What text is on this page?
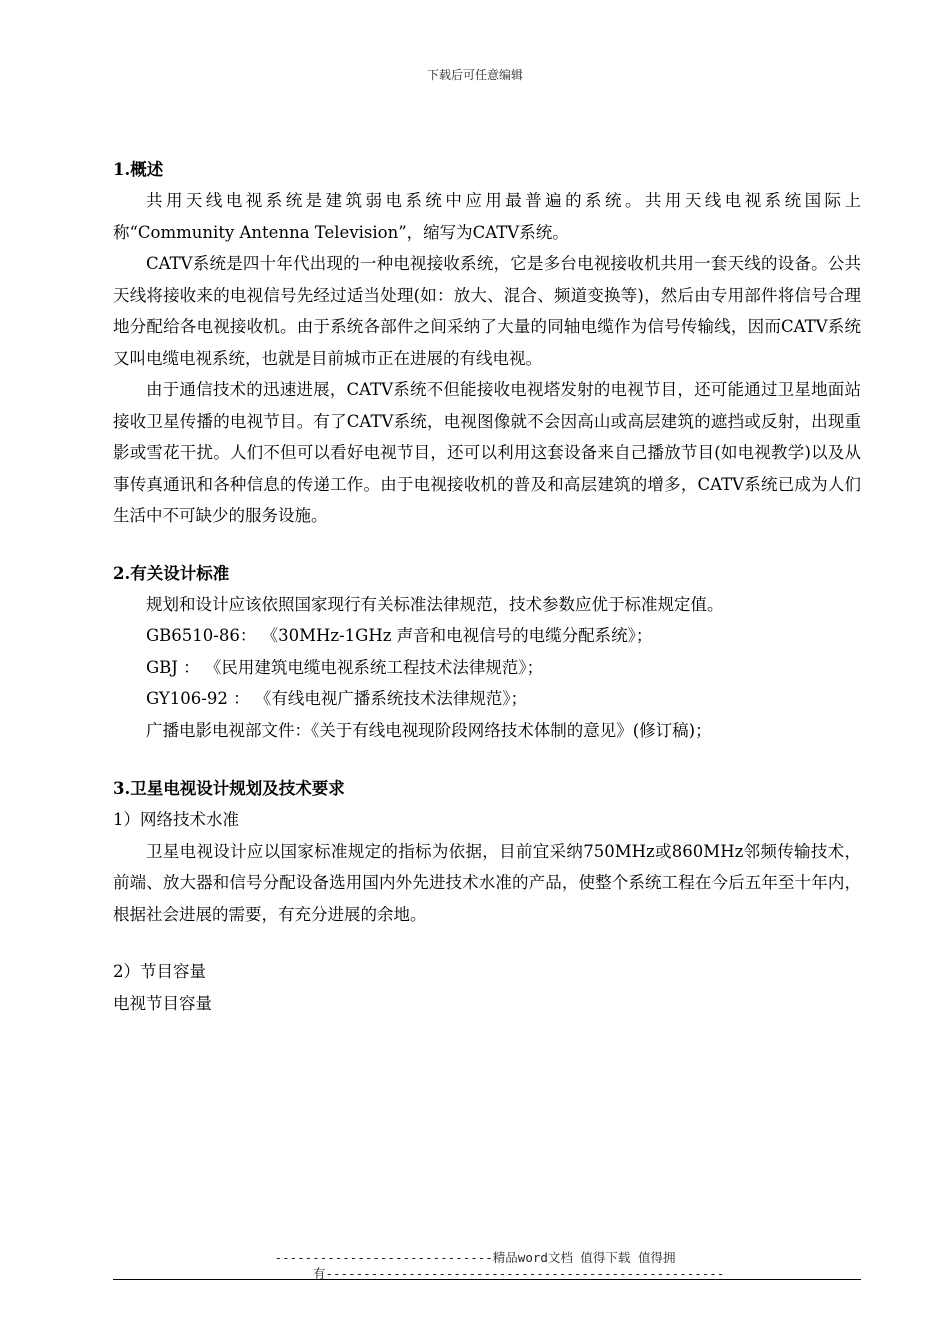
下载后可任意编辑

1.概述

共用天线电视系统是建筑弱电系统中应用最普遍的系统。共用天线电视系统国际上称“Community Antenna Television”，缩写为CATV系统。

CATV系统是四十年代出现的一种电视接收系统，它是多台电视接收机共用一套天线的设备。公共天线将接收来的电视信号先经过适当处理(如：放大、混合、频道变换等)，然后由专用部件将信号合理地分配给各电视接收机。由于系统各部件之间采纳了大量的同轴电缆作为信号传输线，因而CATV系统又叫电缆电视系统，也就是目前城市正在进展的有线电视。

由于通信技术的迅速进展，CATV系统不但能接收电视塔发射的电视节目，还可能通过卫星地面站接收卫星传播的电视节目。有了CATV系统，电视图像就不会因高山或高层建筑的遮挡或反射，出现重影或雪花干扰。人们不但可以看好电视节目，还可以利用这套设备来自己播放节目(如电视教学)以及从事传真通讯和各种信息的传递工作。由于电视接收机的普及和高层建筑的增多，CATV系统已成为人们生活中不可缺少的服务设施。

2.有关设计标准

规划和设计应该依照国家现行有关标准法律规范，技术参数应优于标准规定值。

GB6510-86： 《30MHz-1GHz 声音和电视信号的电缆分配系统》；

GBJ ： 《民用建筑电缆电视系统工程技术法律规范》；

GY106-92 ： 《有线电视广播系统技术法律规范》；

广播电影电视部文件：《关于有线电视现阶段网络技术体制的意见》(修订稿)；

3.卫星电视设计规划及技术要求

1）网络技术水准

卫星电视设计应以国家标准规定的指标为依据，目前宜采纳750MHz或860MHz邻频传输技术，前端、放大器和信号分配设备选用国内外先进技术水准的产品，使整个系统工程在今后五年至十年内，根据社会进展的需要，有充分进展的余地。

2）节目容量

电视节目容量

-----------------------------精品word文档 值得下载 值得拥
有-----------------------------------------------------
